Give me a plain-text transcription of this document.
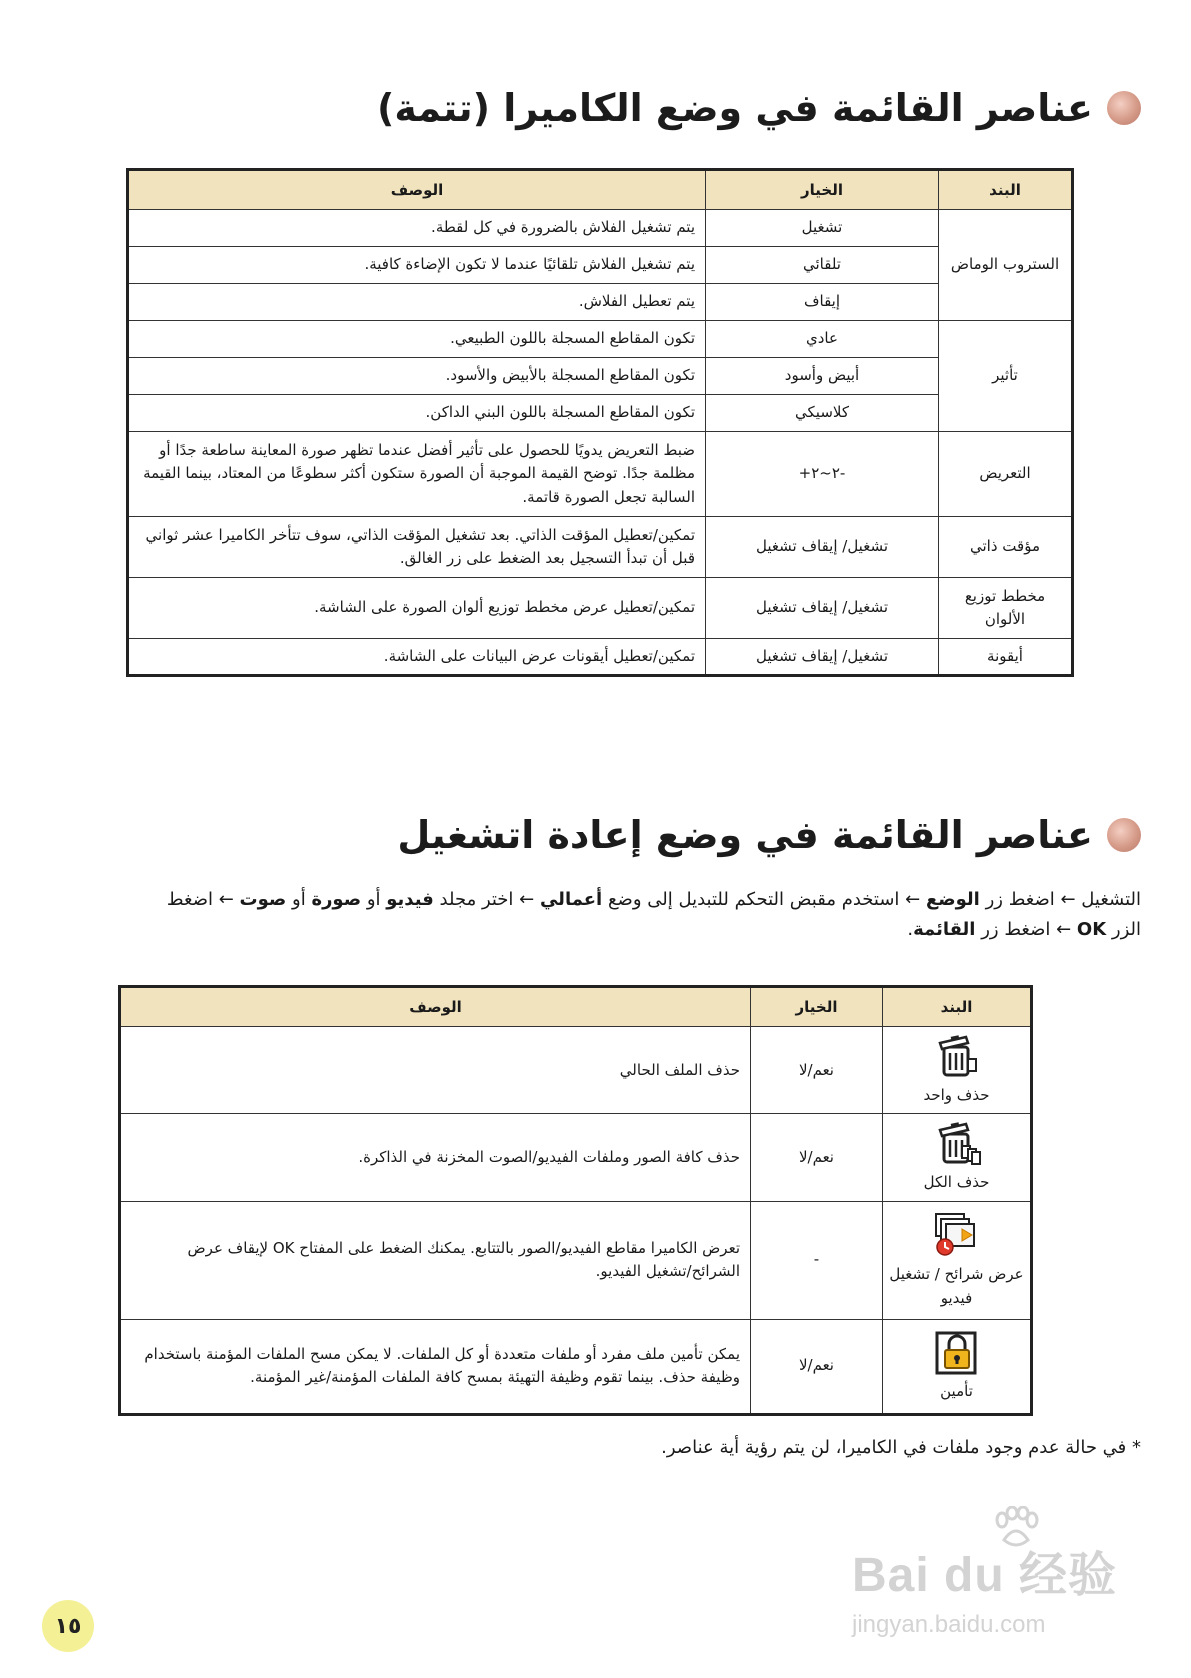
عناصر القائمة في وضع الكاميرا (تتمة)
البند	الخيار	الوصف
الستروب الوماض	تشغيل	يتم تشغيل الفلاش بالضرورة في كل لقطة.
	تلقائي	يتم تشغيل الفلاش تلقائيًا عندما لا تكون الإضاءة كافية.
	إيقاف	يتم تعطيل الفلاش.
تأثير	عادي	تكون المقاطع المسجلة باللون الطبيعي.
	أبيض وأسود	تكون المقاطع المسجلة بالأبيض والأسود.
	كلاسيكي	تكون المقاطع المسجلة باللون البني الداكن.
التعريض	-٢~٢+	ضبط التعريض يدويًا للحصول على تأثير أفضل عندما تظهر صورة المعاينة ساطعة جدًا أو مظلمة جدًا. توضح القيمة الموجبة أن الصورة ستكون أكثر سطوعًا من المعتاد، بينما القيمة السالبة تجعل الصورة قاتمة.
مؤقت ذاتي	تشغيل/ إيقاف تشغيل	تمكين/تعطيل المؤقت الذاتي. بعد تشغيل المؤقت الذاتي، سوف تتأخر الكاميرا عشر ثواني قبل أن تبدأ التسجيل بعد الضغط على زر الغالق.
مخطط توزيع الألوان	تشغيل/ إيقاف تشغيل	تمكين/تعطيل عرض مخطط توزيع ألوان الصورة على الشاشة.
أيقونة	تشغيل/ إيقاف تشغيل	تمكين/تعطيل أيقونات عرض البيانات على الشاشة.
عناصر القائمة في وضع إعادة اتشغيل
التشغيل ← اضغط زر الوضع ← استخدم مقبض التحكم للتبديل إلى وضع أعمالي ← اختر مجلد فيديو أو صورة أو صوت ← اضغط الزر OK ← اضغط زر القائمة.
البند	الخيار	الوصف

حذف واحد	نعم/لا	حذف الملف الحالي

حذف الكل	نعم/لا	حذف كافة الصور وملفات الفيديو/الصوت المخزنة في الذاكرة.

عرض شرائح / تشغيل فيديو	-	تعرض الكاميرا مقاطع الفيديو/الصور بالتتابع. يمكنك الضغط على المفتاح OK لإيقاف عرض الشرائح/تشغيل الفيديو.

تأمين	نعم/لا	يمكن تأمين ملف مفرد أو ملفات متعددة أو كل الملفات. لا يمكن مسح الملفات المؤمنة باستخدام وظيفة حذف. بينما تقوم وظيفة التهيئة بمسح كافة الملفات المؤمنة/غير المؤمنة.
* في حالة عدم وجود ملفات في الكاميرا، لن يتم رؤية أية عناصر.
١٥
Bai du 经验
jingyan.baidu.com
